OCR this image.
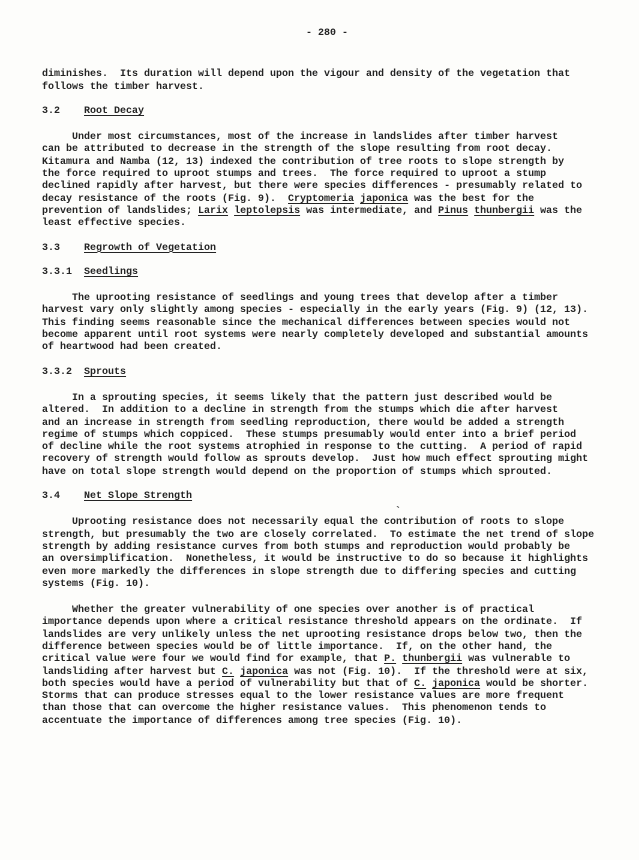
- 280 -
diminishes.  Its duration will depend upon the vigour and density of the vegetation that
follows the timber harvest.
3.2    Root Decay
Under most circumstances, most of the increase in landslides after timber harvest
can be attributed to decrease in the strength of the slope resulting from root decay.
Kitamura and Namba (12, 13) indexed the contribution of tree roots to slope strength by
the force required to uproot stumps and trees.  The force required to uproot a stump
declined rapidly after harvest, but there were species differences - presumably related to
decay resistance of the roots (Fig. 9).  Cryptomeria japonica was the best for the
prevention of landslides; Larix leptolepsis was intermediate, and Pinus thunbergii was the
least effective species.
3.3    Regrowth of Vegetation
3.3.1  Seedlings
The uprooting resistance of seedlings and young trees that develop after a timber
harvest vary only slightly among species - especially in the early years (Fig. 9) (12, 13).
This finding seems reasonable since the mechanical differences between species would not
become apparent until root systems were nearly completely developed and substantial amounts
of heartwood had been created.
3.3.2  Sprouts
In a sprouting species, it seems likely that the pattern just described would be
altered.  In addition to a decline in strength from the stumps which die after harvest
and an increase in strength from seedling reproduction, there would be added a strength
regime of stumps which coppiced.  These stumps presumably would enter into a brief period
of decline while the root systems atrophied in response to the cutting.  A period of rapid
recovery of strength would follow as sprouts develop.  Just how much effect sprouting might
have on total slope strength would depend on the proportion of stumps which sprouted.
3.4    Net Slope Strength
Uprooting resistance does not necessarily equal the contribution of roots to slope
strength, but presumably the two are closely correlated.  To estimate the net trend of slope
strength by adding resistance curves from both stumps and reproduction would probably be
an oversimplification.  Nonetheless, it would be instructive to do so because it highlights
even more markedly the differences in slope strength due to differing species and cutting
systems (Fig. 10).
Whether the greater vulnerability of one species over another is of practical
importance depends upon where a critical resistance threshold appears on the ordinate.  If
landslides are very unlikely unless the net uprooting resistance drops below two, then the
difference between species would be of little importance.  If, on the other hand, the
critical value were four we would find for example, that P. thunbergii was vulnerable to
landsliding after harvest but C. japonica was not (Fig. 10).  If the threshold were at six,
both species would have a period of vulnerability but that of C. japonica would be shorter.
Storms that can produce stresses equal to the lower resistance values are more frequent
than those that can overcome the higher resistance values.  This phenomenon tends to
accentuate the importance of differences among tree species (Fig. 10).
`
